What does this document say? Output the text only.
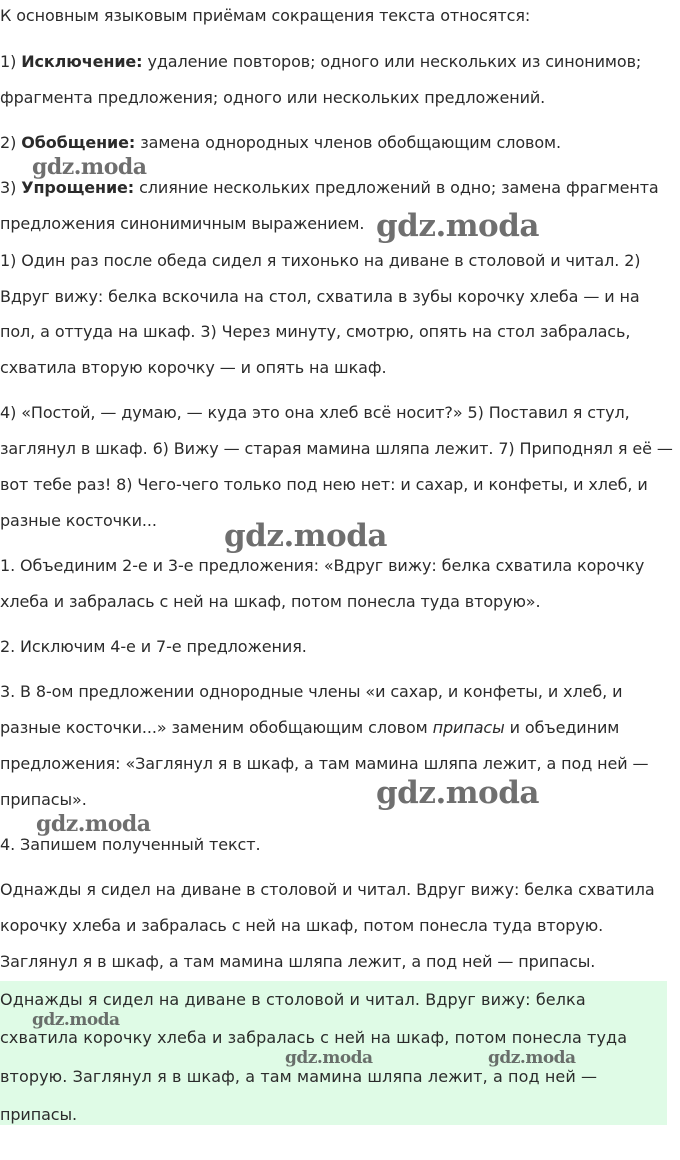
К основным языковым приёмам сокращения текста относятся:

1) Исключение: удаление повторов; одного или нескольких из синонимов;

фрагмента предложения; одного или нескольких предложений.

2) Обобщение: замена однородных членов обобщающим словом.

3) Упрощение: слияние нескольких предложений в одно; замена фрагмента

предложения синонимичным выражением.

1) Один раз после обеда сидел я тихонько на диване в столовой и читал. 2)

Вдруг вижу: белка вскочила на стол, схватила в зубы корочку хлеба — и на

пол, а оттуда на шкаф. 3) Через минуту, смотрю, опять на стол забралась,

схватила вторую корочку — и опять на шкаф.

4) «Постой, — думаю, — куда это она хлеб всё носит?» 5) Поставил я стул,

заглянул в шкаф. 6) Вижу — старая мамина шляпа лежит. 7) Приподнял я её —

вот тебе раз! 8) Чего-чего только под нею нет: и сахар, и конфеты, и хлеб, и

разные косточки...

1. Объединим 2-е и 3-е предложения: «Вдруг вижу: белка схватила корочку

хлеба и забралась с ней на шкаф, потом понесла туда вторую».

2. Исключим 4-е и 7-е предложения.

3. В 8-ом предложении однородные члены «и сахар, и конфеты, и хлеб, и

разные косточки...» заменим обобщающим словом припасы и объединим

предложения: «Заглянул я в шкаф, а там мамина шляпа лежит, а под ней —

припасы».

4. Запишем полученный текст.

Однажды я сидел на диване в столовой и читал. Вдруг вижу: белка схватила

корочку хлеба и забралась с ней на шкаф, потом понесла туда вторую.

Заглянул я в шкаф, а там мамина шляпа лежит, а под ней — припасы.

Однажды я сидел на диване в столовой и читал. Вдруг вижу: белка

схватила корочку хлеба и забралась с ней на шкаф, потом понесла туда

вторую. Заглянул я в шкаф, а там мамина шляпа лежит, а под ней —

припасы.

gdz.moda
gdz.moda
gdz.moda
gdz.moda
gdz.moda
gdz.moda
gdz.moda	gdz.moda
